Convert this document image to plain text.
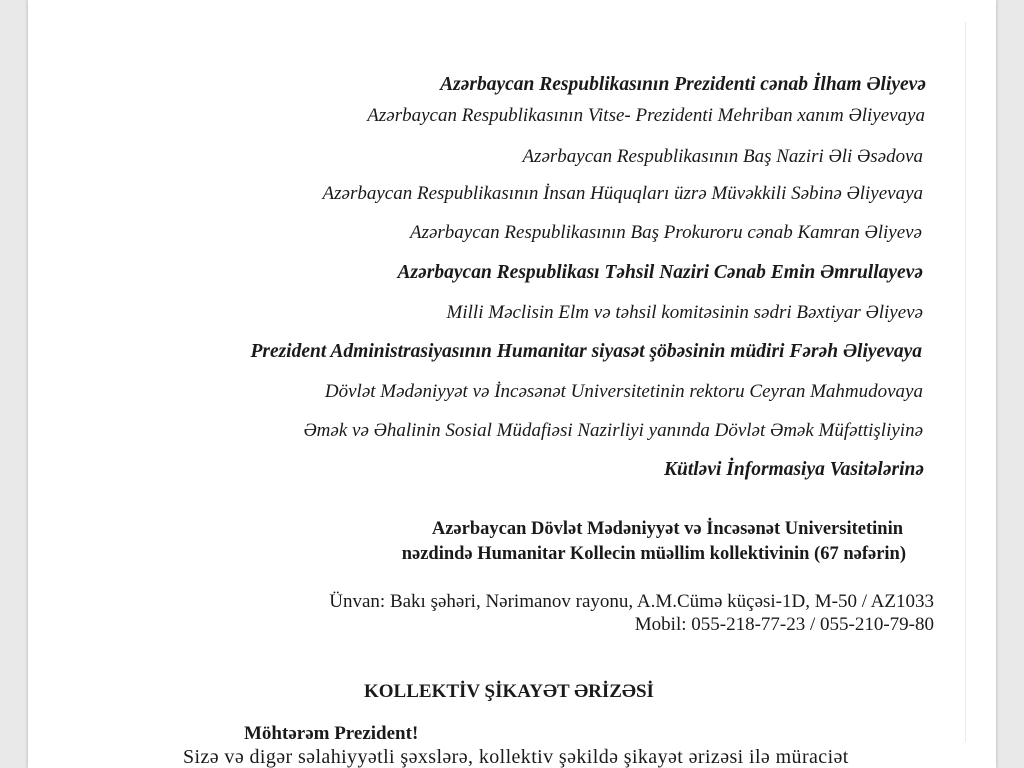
Azərbaycan Respublikasının Prezidenti cənab İlham Əliyevə
Azərbaycan Respublikasının Vitse- Prezidenti Mehriban xanım Əliyevaya
Azərbaycan Respublikasının Baş Naziri Əli Əsədova
Azərbaycan Respublikasının İnsan Hüquqları üzrə Müvəkkili Səbinə Əliyevaya
Azərbaycan Respublikasının Baş Prokuroru cənab Kamran Əliyevə
Azərbaycan Respublikası Təhsil Naziri Cənab Emin Əmrullayevə
Milli Məclisin Elm və təhsil komitəsinin sədri Bəxtiyar Əliyevə
Prezident Administrasiyasının Humanitar siyasət şöbəsinin müdiri Fərəh Əliyevaya
Dövlət Mədəniyyət və İncəsənət Universitetinin rektoru Ceyran Mahmudovaya
Əmək və Əhalinin Sosial Müdafiəsi Nazirliyi yanında Dövlət Əmək Müfəttişliyinə
Kütləvi İnformasiya Vasitələrinə
Azərbaycan Dövlət Mədəniyyət və İncəsənət Universitetinin
nəzdində Humanitar Kollecin müəllim kollektivinin (67 nəfərin)
Ünvan: Bakı şəhəri, Nərimanov rayonu, A.M.Cümə küçəsi-1D, M-50 / AZ1033
Mobil: 055-218-77-23 / 055-210-79-80
KOLLEKTİV ŞİKAYƏT ƏRİZƏSİ
Möhtərəm Prezident!
Sizə və digər səlahiyyətli şəxslərə, kollektiv şəkildə şikayət ərizəsi ilə müraciət
